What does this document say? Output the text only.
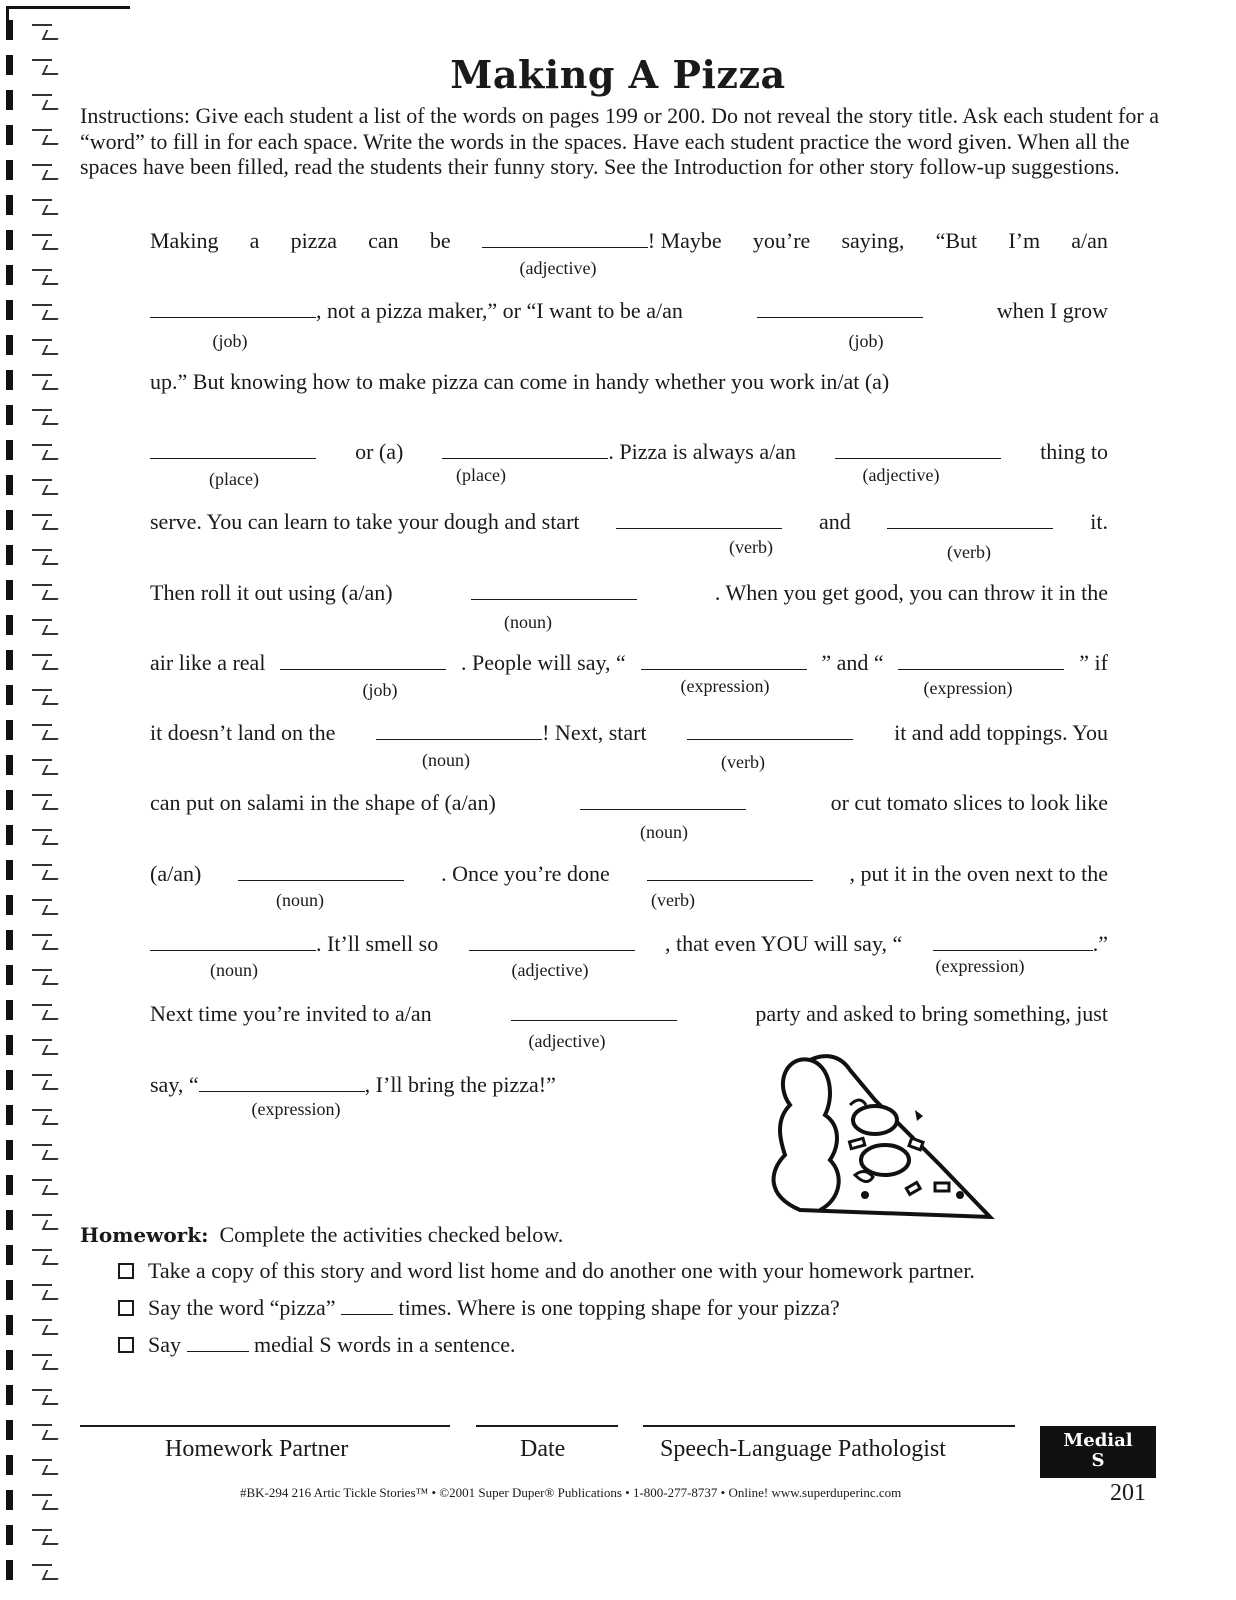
Making A Pizza
Instructions: Give each student a list of the words on pages 199 or 200. Do not reveal the story title. Ask each student for a “word” to fill in for each space. Write the words in the spaces. Have each student practice the word given. When all the spaces have been filled, read the students their funny story. See the Introduction for other story follow-up suggestions.
Making a pizza can be	! Maybe you’re saying, “But I’m a/an
(adjective)
, not a pizza maker,” or “I want to be a/an	when I grow
(job)	(job)
up.” But knowing how to make pizza can come in handy whether you work in/at (a)
or (a)	. Pizza is always a/an	thing to
(place)	(place)	(adjective)
serve. You can learn to take your dough and start	and	it.
(verb)	(verb)
Then roll it out using (a/an)	. When you get good, you can throw it in the
(noun)
air like a real	. People will say, “	” and “	” if
(job)	(expression)	(expression)
it doesn’t land on the	! Next, start	it and add toppings. You
(noun)	(verb)
can put on salami in the shape of (a/an)	or cut tomato slices to look like
(noun)
(a/an)	. Once you’re done	, put it in the oven next to the
(noun)	(verb)
. It’ll smell so	, that even YOU will say, “	.”
(noun)	(adjective)	(expression)
Next time you’re invited to a/an	party and asked to bring something, just
(adjective)
say, “	, I’ll bring the pizza!”
(expression)
Homework: Complete the activities checked below.
Take a copy of this story and word list home and do another one with your homework partner.
Say the word “pizza”	times. Where is one topping shape for your pizza?
Say	medial S words in a sentence.
Homework Partner	Date	Speech-Language Pathologist	Medial
S
#BK-294 216 Artic Tickle Stories™ • ©2001 Super Duper® Publications • 1-800-277-8737 • Online! www.superduperinc.com	201
